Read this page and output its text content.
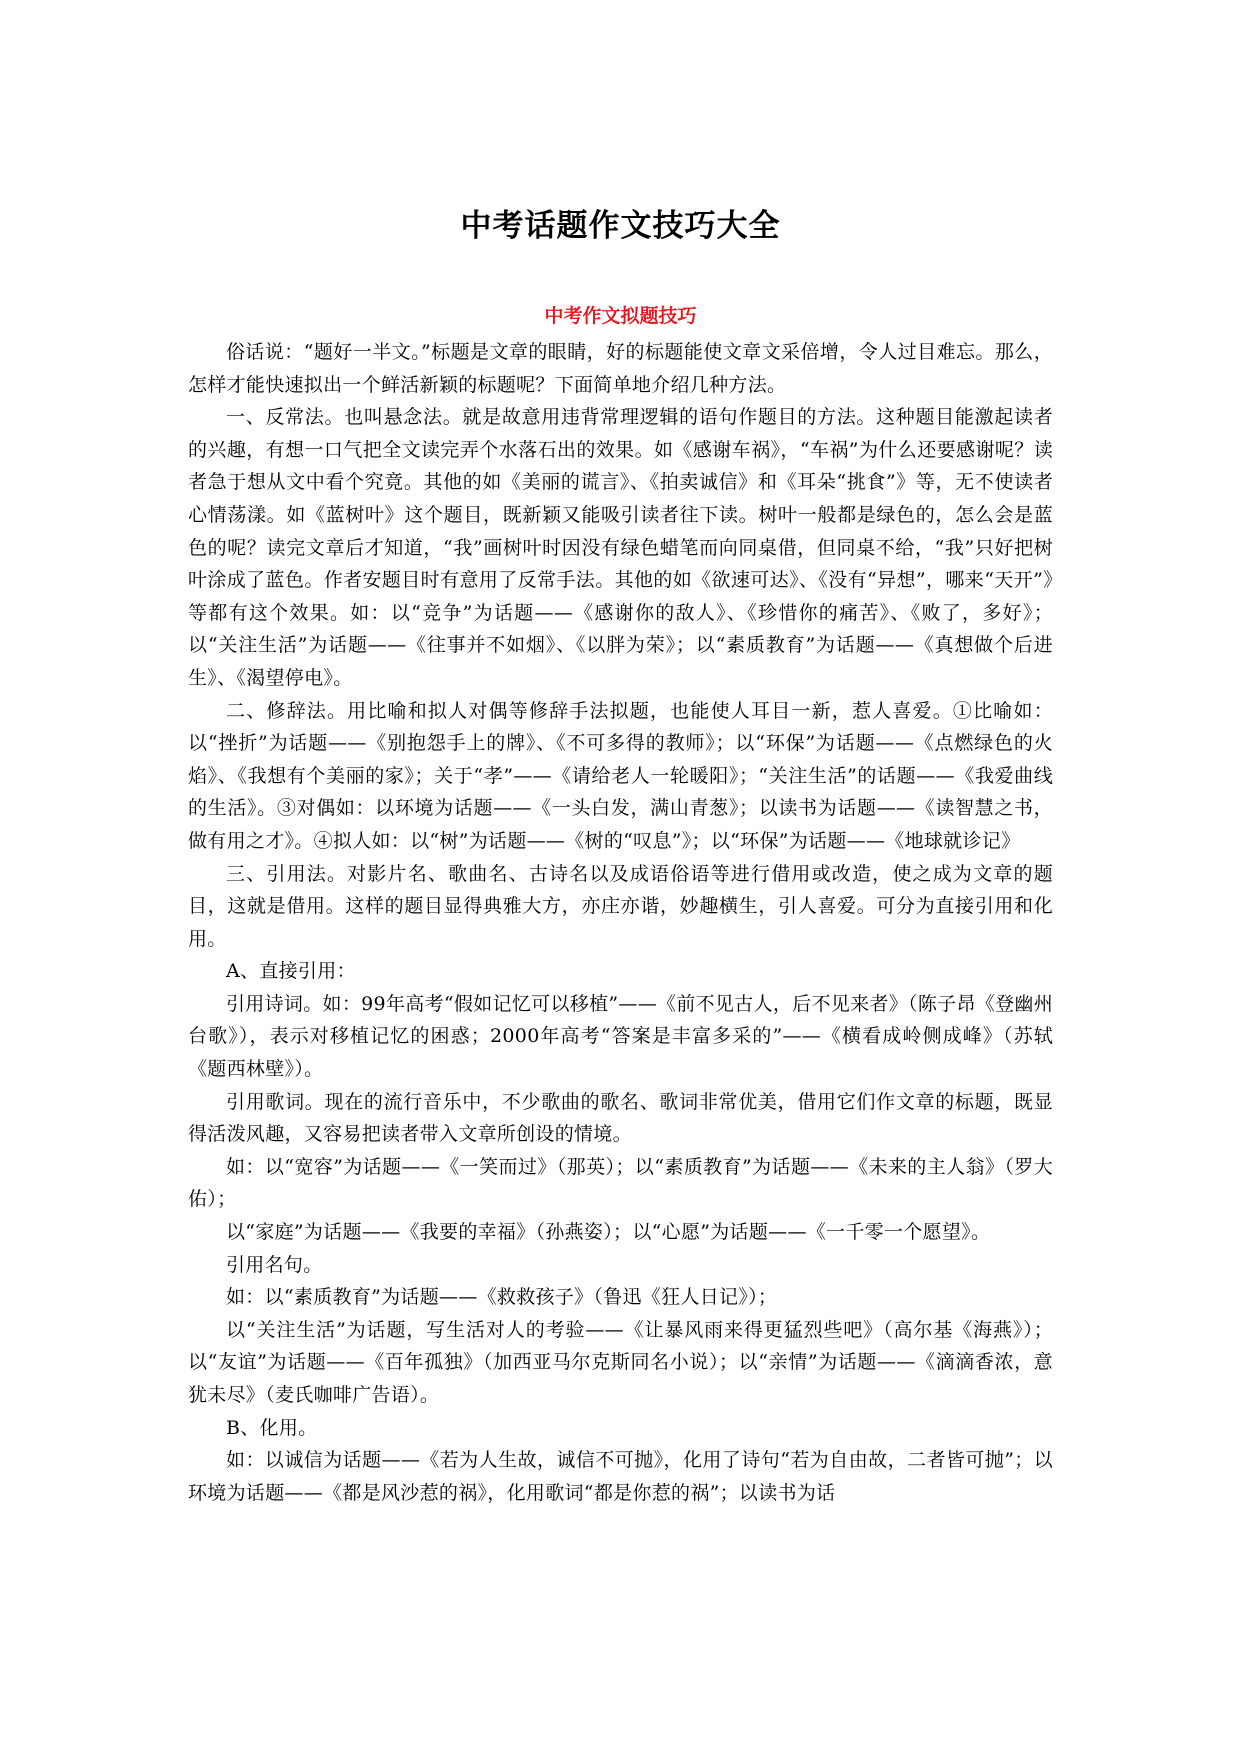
中考话题作文技巧大全
中考作文拟题技巧

俗话说：“题好一半文。”标题是文章的眼睛，好的标题能使文章文采倍增，令人过目难忘。那么，怎样才能快速拟出一个鲜活新颖的标题呢？下面简单地介绍几种方法。

一、反常法。也叫悬念法。就是故意用违背常理逻辑的语句作题目的方法。这种题目能激起读者的兴趣，有想一口气把全文读完弄个水落石出的效果。如《感谢车祸》，“车祸”为什么还要感谢呢？读者急于想从文中看个究竟。其他的如《美丽的谎言》、《拍卖诚信》和《耳朵“挑食”》等，无不使读者心情荡漾。如《蓝树叶》这个题目，既新颖又能吸引读者往下读。树叶一般都是绿色的，怎么会是蓝色的呢？读完文章后才知道，“我”画树叶时因没有绿色蜡笔而向同桌借，但同桌不给，“我”只好把树叶涂成了蓝色。作者安题目时有意用了反常手法。其他的如《欲速可达》、《没有“异想”，哪来“天开”》等都有这个效果。如：以“竞争”为话题——《感谢你的敌人》、《珍惜你的痛苦》、《败了，多好》；以“关注生活”为话题——《往事并不如烟》、《以胖为荣》；以“素质教育”为话题——《真想做个后进生》、《渴望停电》。

二、修辞法。用比喻和拟人对偶等修辞手法拟题，也能使人耳目一新，惹人喜爱。①比喻如：以“挫折”为话题——《别抱怨手上的牌》、《不可多得的教师》；以“环保”为话题——《点燃绿色的火焰》、《我想有个美丽的家》；关于“孝”——《请给老人一轮暖阳》；“关注生活”的话题——《我爱曲线的生活》。③对偶如：以环境为话题——《一头白发，满山青葱》；以读书为话题——《读智慧之书，做有用之才》。④拟人如：以“树”为话题——《树的“叹息”》；以“环保”为话题——《地球就诊记》

三、引用法。对影片名、歌曲名、古诗名以及成语俗语等进行借用或改造，使之成为文章的题目，这就是借用。这样的题目显得典雅大方，亦庄亦谐，妙趣横生，引人喜爱。可分为直接引用和化用。

A、直接引用：

引用诗词。如：99年高考“假如记忆可以移植”——《前不见古人，后不见来者》（陈子昂《登幽州台歌》），表示对移植记忆的困惑；2000年高考“答案是丰富多采的”——《横看成岭侧成峰》（苏轼《题西林壁》）。

引用歌词。现在的流行音乐中，不少歌曲的歌名、歌词非常优美，借用它们作文章的标题，既显得活泼风趣，又容易把读者带入文章所创设的情境。

如：以“宽容”为话题——《一笑而过》（那英）；以“素质教育”为话题——《未来的主人翁》（罗大佑）；

以“家庭”为话题——《我要的幸福》（孙燕姿）；以“心愿”为话题——《一千零一个愿望》。

引用名句。

如：以“素质教育”为话题——《救救孩子》（鲁迅《狂人日记》）；

以“关注生活”为话题，写生活对人的考验——《让暴风雨来得更猛烈些吧》（高尔基《海燕》）；以“友谊”为话题——《百年孤独》（加西亚马尔克斯同名小说）；以“亲情”为话题——《滴滴香浓，意犹未尽》（麦氏咖啡广告语）。

B、化用。

如：以诚信为话题——《若为人生故，诚信不可抛》，化用了诗句“若为自由故，二者皆可抛”；以环境为话题——《都是风沙惹的祸》，化用歌词“都是你惹的祸”；以读书为话
